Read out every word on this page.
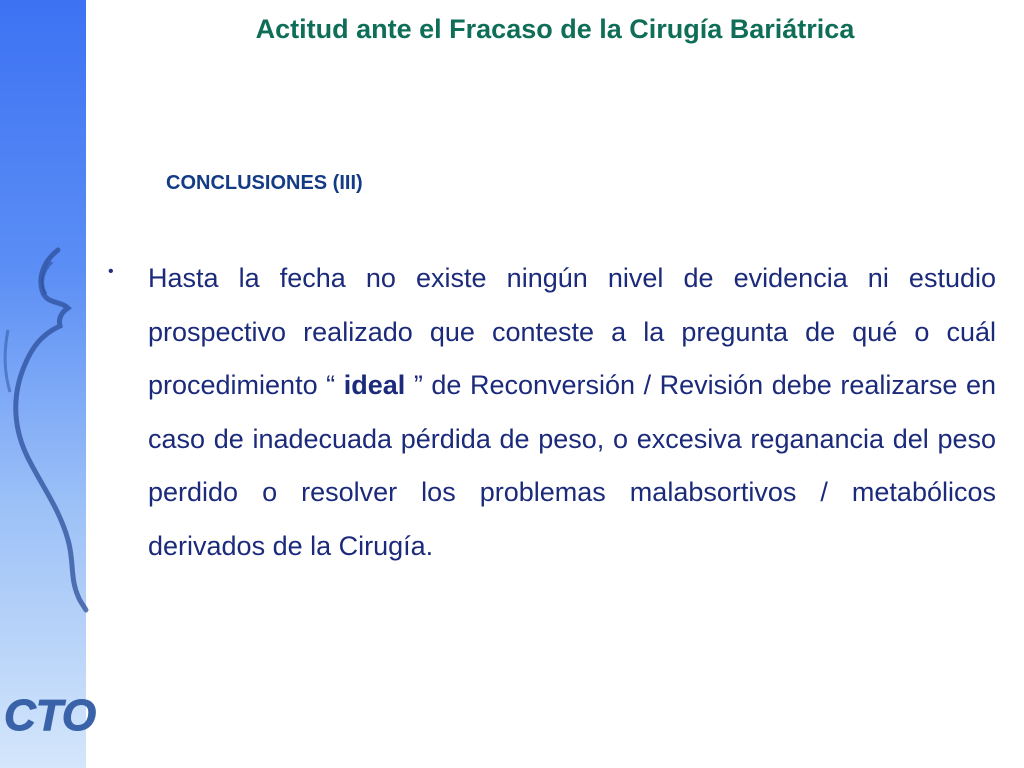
CTO
Actitud ante el Fracaso de la Cirugía Bariátrica
CONCLUSIONES (III)
• Hasta la fecha no existe ningún nivel de evidencia ni estudio prospectivo realizado que conteste a la pregunta de qué o cuál procedimiento “ ideal ” de Reconversión / Revisión debe realizarse en caso de inadecuada pérdida de peso, o excesiva reganancia del peso perdido o resolver los problemas malabsortivos / metabólicos derivados de la Cirugía.
